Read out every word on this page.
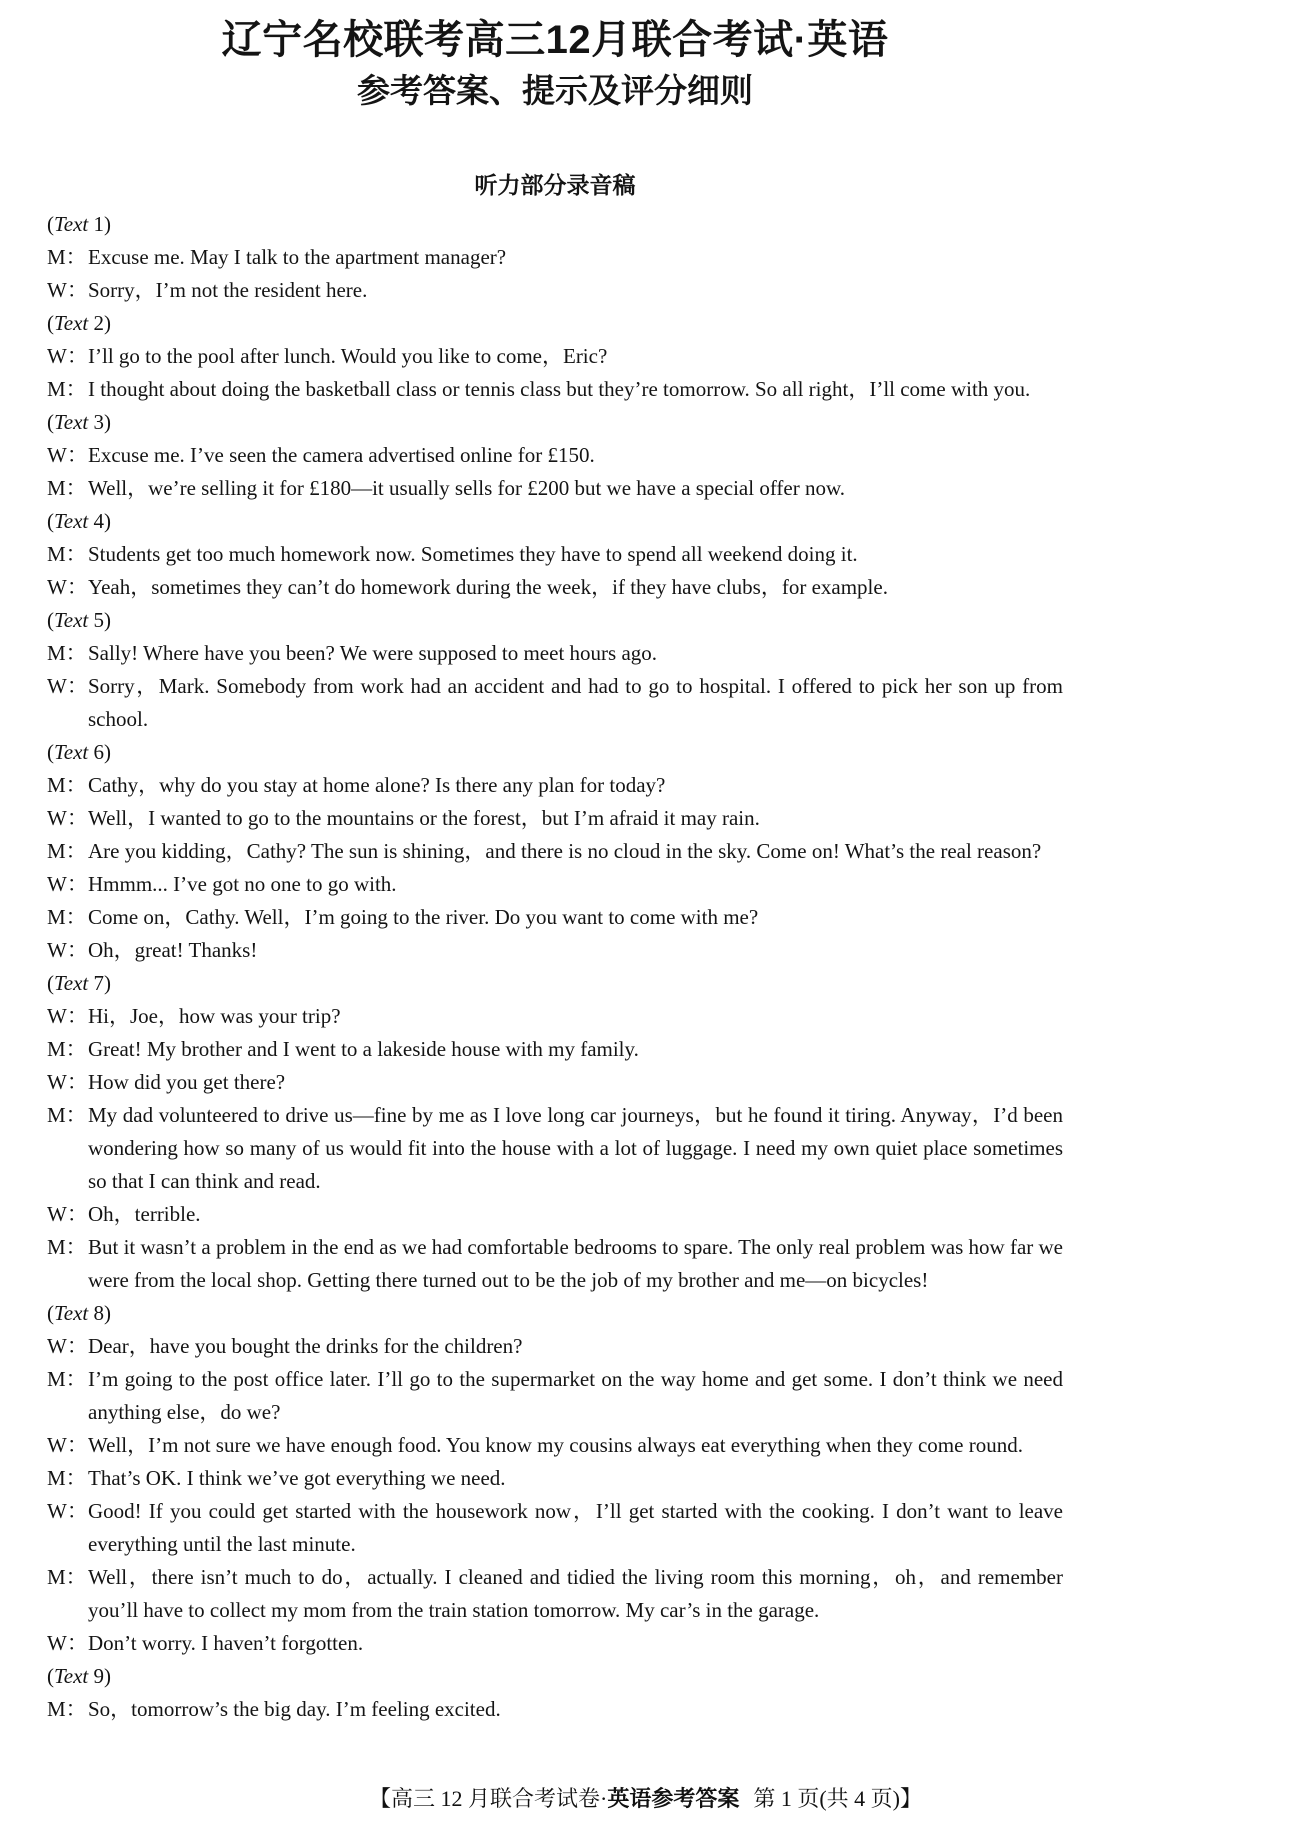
辽宁名校联考高三12月联合考试·英语
参考答案、提示及评分细则
听力部分录音稿
(Text 1)
M：Excuse me. May I talk to the apartment manager?
W：Sorry，I’m not the resident here.
(Text 2)
W：I’ll go to the pool after lunch. Would you like to come，Eric?
M：I thought about doing the basketball class or tennis class but they’re tomorrow. So all right，I’ll come with you.
(Text 3)
W：Excuse me. I’ve seen the camera advertised online for £150.
M：Well，we’re selling it for £180—it usually sells for £200 but we have a special offer now.
(Text 4)
M：Students get too much homework now. Sometimes they have to spend all weekend doing it.
W：Yeah，sometimes they can’t do homework during the week，if they have clubs，for example.
(Text 5)
M：Sally! Where have you been? We were supposed to meet hours ago.
W：Sorry，Mark. Somebody from work had an accident and had to go to hospital. I offered to pick her son up from school.
(Text 6)
M：Cathy，why do you stay at home alone? Is there any plan for today?
W：Well，I wanted to go to the mountains or the forest，but I’m afraid it may rain.
M：Are you kidding，Cathy? The sun is shining，and there is no cloud in the sky. Come on! What’s the real reason?
W：Hmmm... I’ve got no one to go with.
M：Come on，Cathy. Well，I’m going to the river. Do you want to come with me?
W：Oh，great! Thanks!
(Text 7)
W：Hi，Joe，how was your trip?
M：Great! My brother and I went to a lakeside house with my family.
W：How did you get there?
M：My dad volunteered to drive us—fine by me as I love long car journeys，but he found it tiring. Anyway，I’d been wondering how so many of us would fit into the house with a lot of luggage. I need my own quiet place sometimes so that I can think and read.
W：Oh，terrible.
M：But it wasn’t a problem in the end as we had comfortable bedrooms to spare. The only real problem was how far we were from the local shop. Getting there turned out to be the job of my brother and me—on bicycles!
(Text 8)
W：Dear，have you bought the drinks for the children?
M：I’m going to the post office later. I’ll go to the supermarket on the way home and get some. I don’t think we need anything else，do we?
W：Well，I’m not sure we have enough food. You know my cousins always eat everything when they come round.
M：That’s OK. I think we’ve got everything we need.
W：Good! If you could get started with the housework now，I’ll get started with the cooking. I don’t want to leave everything until the last minute.
M：Well，there isn’t much to do，actually. I cleaned and tidied the living room this morning，oh，and remember you’ll have to collect my mom from the train station tomorrow. My car’s in the garage.
W：Don’t worry. I haven’t forgotten.
(Text 9)
M：So，tomorrow’s the big day. I’m feeling excited.
【高三 12 月联合考试卷·英语参考答案 第 1 页(共 4 页)】
